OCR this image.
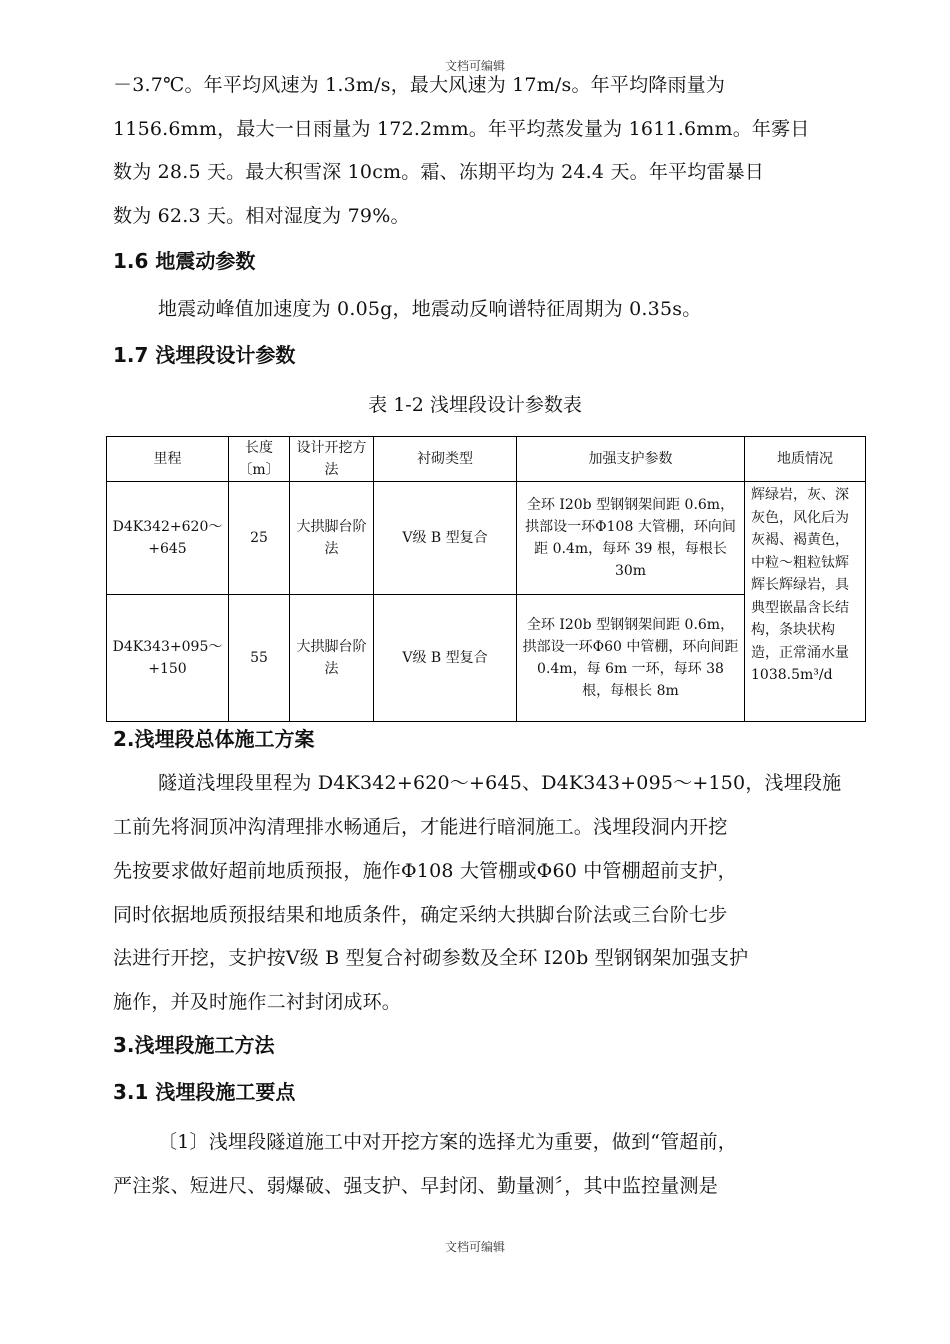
文档可编辑
－3.7℃。年平均风速为 1.3m/s，最大风速为 17m/s。年平均降雨量为
1156.6mm，最大一日雨量为 172.2mm。年平均蒸发量为 1611.6mm。年雾日
数为 28.5 天。最大积雪深 10cm。霜、冻期平均为 24.4 天。年平均雷暴日
数为 62.3 天。相对湿度为 79%。
1.6 地震动参数
地震动峰值加速度为 0.05g，地震动反响谱特征周期为 0.35s。
1.7 浅埋段设计参数
表 1-2 浅埋段设计参数表
里程	长度〔m〕	设计开挖方法	衬砌类型	加强支护参数	地质情况
D4K342+620～+645	25	大拱脚台阶法	Ⅴ级 B 型复合	全环 I20b 型钢钢架间距 0.6m，拱部设一环Φ108 大管棚，环向间距 0.4m，每环 39 根，每根长 30m	辉绿岩，灰、深灰色，风化后为灰褐、褐黄色，中粒～粗粒钛辉辉长辉绿岩，具典型嵌晶含长结构，条块状构造，正常涌水量 1038.5m³/d
D4K343+095～+150	55	大拱脚台阶法	Ⅴ级 B 型复合	全环 I20b 型钢钢架间距 0.6m，拱部设一环Φ60 中管棚，环向间距 0.4m，每 6m 一环，每环 38 根，每根长 8m	
2.浅埋段总体施工方案
隧道浅埋段里程为 D4K342+620～+645、D4K343+095～+150，浅埋段施
工前先将洞顶冲沟清理排水畅通后，才能进行暗洞施工。浅埋段洞内开挖
先按要求做好超前地质预报，施作Φ108 大管棚或Φ60 中管棚超前支护，
同时依据地质预报结果和地质条件，确定采纳大拱脚台阶法或三台阶七步
法进行开挖，支护按Ⅴ级 B 型复合衬砌参数及全环 I20b 型钢钢架加强支护
施作，并及时施作二衬封闭成环。
3.浅埋段施工方法
3.1 浅埋段施工要点
〔1〕浅埋段隧道施工中对开挖方案的选择尤为重要，做到“管超前，
严注浆、短进尺、弱爆破、强支护、早封闭、勤量测〞，其中监控量测是
文档可编辑
